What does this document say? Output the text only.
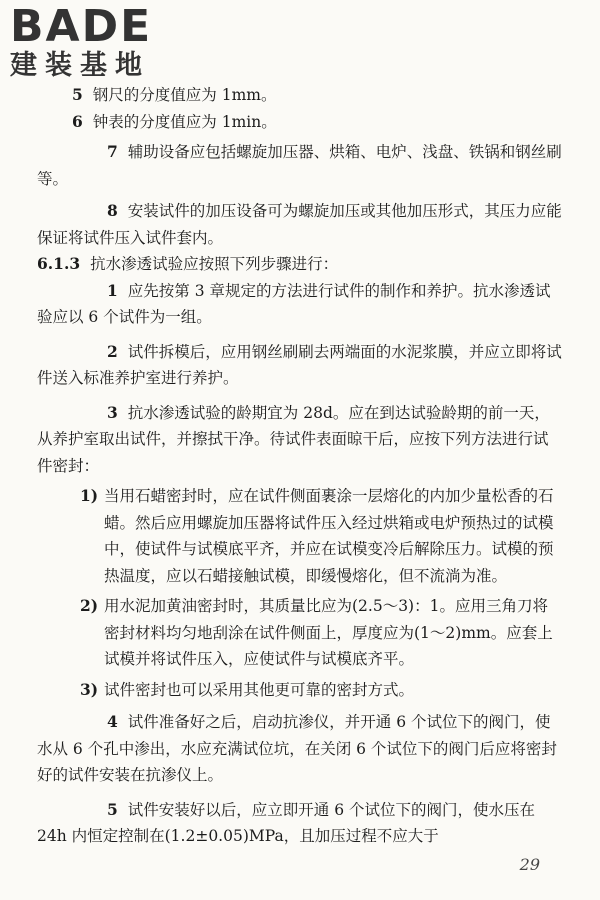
BADE
建装基地

5 钢尺的分度值应为 1mm。

6 钟表的分度值应为 1min。

7 辅助设备应包括螺旋加压器、烘箱、电炉、浅盘、铁锅和钢丝刷等。

8 安装试件的加压设备可为螺旋加压或其他加压形式，其压力应能保证将试件压入试件套内。

6.1.3 抗水渗透试验应按照下列步骤进行：

1 应先按第 3 章规定的方法进行试件的制作和养护。抗水渗透试验应以 6 个试件为一组。

2 试件拆模后，应用钢丝刷刷去两端面的水泥浆膜，并应立即将试件送入标准养护室进行养护。

3 抗水渗透试验的龄期宜为 28d。应在到达试验龄期的前一天，从养护室取出试件，并擦拭干净。待试件表面晾干后，应按下列方法进行试件密封：

1) 当用石蜡密封时，应在试件侧面裹涂一层熔化的内加少量松香的石蜡。然后应用螺旋加压器将试件压入经过烘箱或电炉预热过的试模中，使试件与试模底平齐，并应在试模变冷后解除压力。试模的预热温度，应以石蜡接触试模，即缓慢熔化，但不流淌为准。

2) 用水泥加黄油密封时，其质量比应为(2.5～3)：1。应用三角刀将密封材料均匀地刮涂在试件侧面上，厚度应为(1～2)mm。应套上试模并将试件压入，应使试件与试模底齐平。

3) 试件密封也可以采用其他更可靠的密封方式。

4 试件准备好之后，启动抗渗仪，并开通 6 个试位下的阀门，使水从 6 个孔中渗出，水应充满试位坑，在关闭 6 个试位下的阀门后应将密封好的试件安装在抗渗仪上。

5 试件安装好以后，应立即开通 6 个试位下的阀门，使水压在 24h 内恒定控制在(1.2±0.05)MPa，且加压过程不应大于

29
